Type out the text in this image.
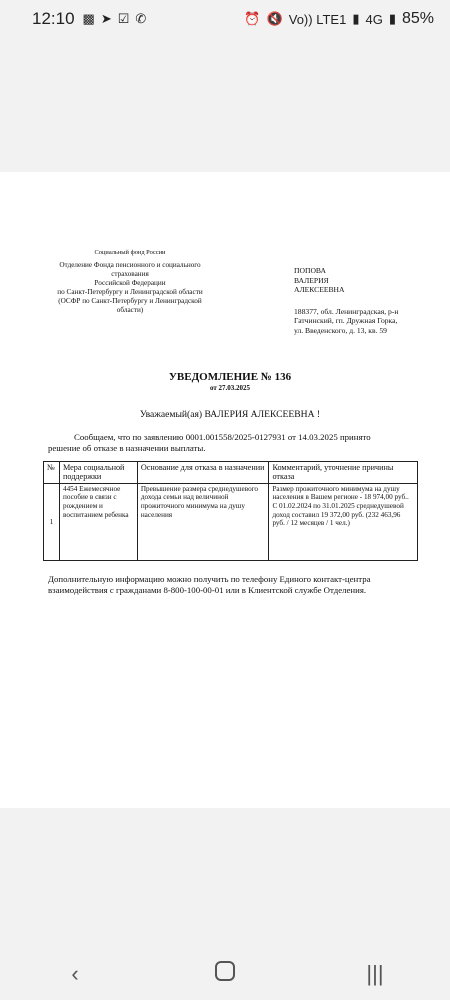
12:10 ▩ ➤ ☑ ✆	⏰ 🔇 Vo)) LTE1 ▮ 4G ▮ 85%
Социальный фонд России
Отделение Фонда пенсионного и социального
страхования
Российской Федерации
по Санкт-Петербургу и Ленинградской области
(ОСФР по Санкт-Петербургу и Ленинградской
области)
ПОПОВА
ВАЛЕРИЯ
АЛЕКСЕЕВНА
188377, обл. Ленинградская, р-н
Гатчинский, гп. Дружная Горка,
ул. Введенского, д. 13, кв. 59
УВЕДОМЛЕНИЕ № 136
от 27.03.2025
Уважаемый(ая) ВАЛЕРИЯ АЛЕКСЕЕВНА !
Сообщаем, что по заявлению 0001.001558/2025-0127931 от 14.03.2025 принято
решение об отказе в назначении выплаты.
№	Мера социальной поддержки	Основание для отказа в назначении	Комментарий, уточнение причины отказа
1	4454 Ежемесячное пособие в связи с рождением и воспитанием ребенка	Превышение размера среднедушевого дохода семьи над величиной прожиточного минимума на душу населения	Размер прожиточного минимума на душу населения в Вашем регионе - 18 974,00 руб.. С 01.02.2024 по 31.01.2025 среднедушевой доход составил 19 372,00 руб. (232 463,96 руб. / 12 месяцев / 1 чел.)
Дополнительную информацию можно получить по телефону Единого контакт-центра
взаимодействия с гражданами 8-800-100-00-01 или в Клиентской службе Отделения.
‹	|||
